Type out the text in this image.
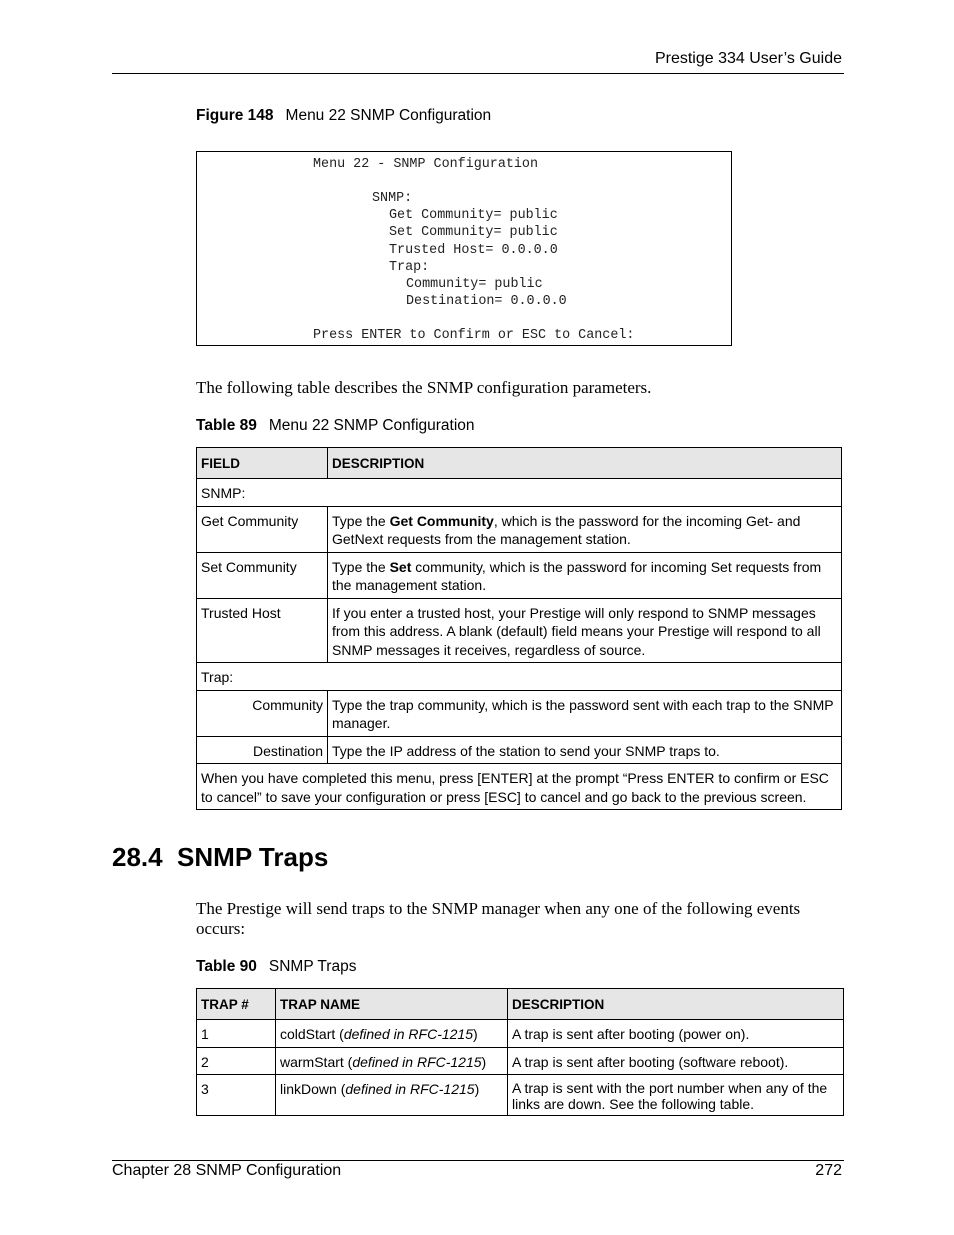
Prestige 334 User’s Guide
Figure 148 Menu 22 SNMP Configuration
Menu 22 - SNMP Configuration
SNMP:
Get Community= public
Set Community= public
Trusted Host= 0.0.0.0
Trap:
Community= public
Destination= 0.0.0.0
Press ENTER to Confirm or ESC to Cancel:
The following table describes the SNMP configuration parameters.
Table 89 Menu 22 SNMP Configuration
FIELD	DESCRIPTION
SNMP:	
Get Community	Type the Get Community, which is the password for the incoming Get- and GetNext requests from the management station.
Set Community	Type the Set community, which is the password for incoming Set requests from the management station.
Trusted Host	If you enter a trusted host, your Prestige will only respond to SNMP messages from this address. A blank (default) field means your Prestige will respond to all SNMP messages it receives, regardless of source.
Trap:	
Community	Type the trap community, which is the password sent with each trap to the SNMP manager.
Destination	Type the IP address of the station to send your SNMP traps to.
When you have completed this menu, press [ENTER] at the prompt “Press ENTER to confirm or ESC to cancel” to save your configuration or press [ESC] to cancel and go back to the previous screen.	
28.4  SNMP Traps
The Prestige will send traps to the SNMP manager when any one of the following events occurs:
Table 90 SNMP Traps
TRAP #	TRAP NAME	DESCRIPTION
1	coldStart (defined in RFC-1215)	A trap is sent after booting (power on).
2	warmStart (defined in RFC-1215)	A trap is sent after booting (software reboot).
3	linkDown (defined in RFC-1215)	A trap is sent with the port number when any of the links are down. See the following table.
Chapter 28 SNMP Configuration	272
